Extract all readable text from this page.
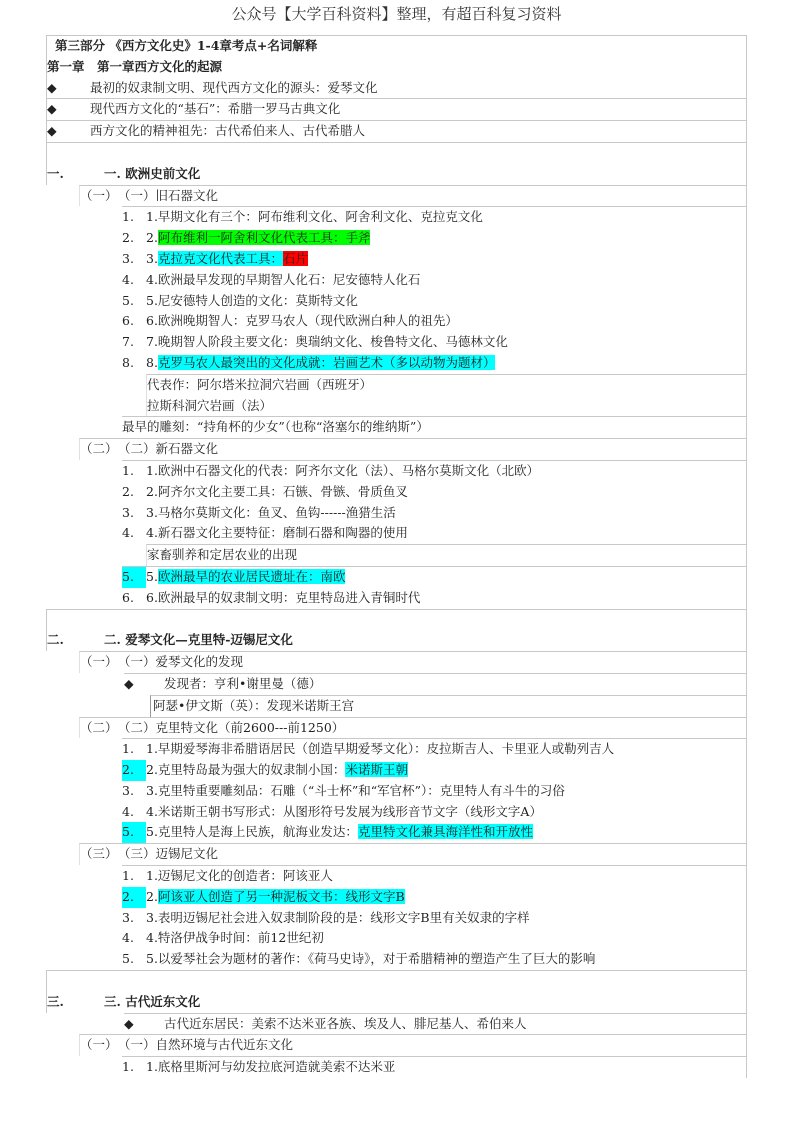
公众号【大学百科资料】整理，有超百科复习资料
第三部分 《西方文化史》1-4章考点+名词解释
第一章　第一章西方文化的起源
◆	最初的奴隶制文明、现代西方文化的源头：爱琴文化
◆	现代西方文化的“基石”：希腊一罗马古典文化
◆	西方文化的精神祖先：古代希伯来人、古代希腊人
一.	一. 欧洲史前文化
（一）（一）旧石器文化
1. 1.早期文化有三个：阿布维利文化、阿舍利文化、克拉克文化
2. 2.阿布维利一阿舍利文化代表工具：手斧
3. 3.克拉克文化代表工具：石片
4. 4.欧洲最早发现的早期智人化石：尼安德特人化石
5. 5.尼安德特人创造的文化：莫斯特文化
6. 6.欧洲晚期智人：克罗马农人（现代欧洲白种人的祖先）
7. 7.晚期智人阶段主要文化：奥瑞纳文化、梭鲁特文化、马德林文化
8. 8.克罗马农人最突出的文化成就：岩画艺术（多以动物为题材）
代表作：阿尔塔米拉洞穴岩画（西班牙）
拉斯科洞穴岩画（法）
最早的雕刻：“持角杯的少女”（也称“洛塞尔的维纳斯”）
（二）（二）新石器文化
1. 1.欧洲中石器文化的代表：阿齐尔文化（法）、马格尔莫斯文化（北欧）
2. 2.阿齐尔文化主要工具：石镞、骨镞、骨质鱼叉
3. 3.马格尔莫斯文化：鱼叉、鱼钩------渔猎生活
4. 4.新石器文化主要特征：磨制石器和陶器的使用
家畜驯养和定居农业的出现
5. 5.欧洲最早的农业居民遗址在：南欧
6. 6.欧洲最早的奴隶制文明：克里特岛进入青铜时代
二.	二. 爱琴文化—克里特-迈锡尼文化
（一）（一）爱琴文化的发现
◆ 发现者：亨利•谢里曼（德）
阿瑟•伊文斯（英）：发现米诺斯王宫
（二）（二）克里特文化（前2600---前1250）
1. 1.早期爱琴海非希腊语居民（创造早期爱琴文化）：皮拉斯吉人、卡里亚人或勒列吉人
2. 2.克里特岛最为强大的奴隶制小国：米诺斯王朝
3. 3.克里特重要雕刻品：石雕（“斗士杯”和“军官杯”）：克里特人有斗牛的习俗
4. 4.米诺斯王朝书写形式：从图形符号发展为线形音节文字（线形文字A）
5. 5.克里特人是海上民族，航海业发达：克里特文化兼具海洋性和开放性
（三）（三）迈锡尼文化
1. 1.迈锡尼文化的创造者：阿该亚人
2. 2.阿该亚人创造了另一种泥板文书：线形文字B
3. 3.表明迈锡尼社会进入奴隶制阶段的是：线形文字B里有关奴隶的字样
4. 4.特洛伊战争时间：前12世纪初
5. 5.以爱琴社会为题材的著作：《荷马史诗》，对于希腊精神的塑造产生了巨大的影响
三.	三. 古代近东文化
◆ 古代近东居民：美索不达米亚各族、埃及人、腓尼基人、希伯来人
（一）（一）自然环境与古代近东文化
1. 1.底格里斯河与幼发拉底河造就美索不达米亚
